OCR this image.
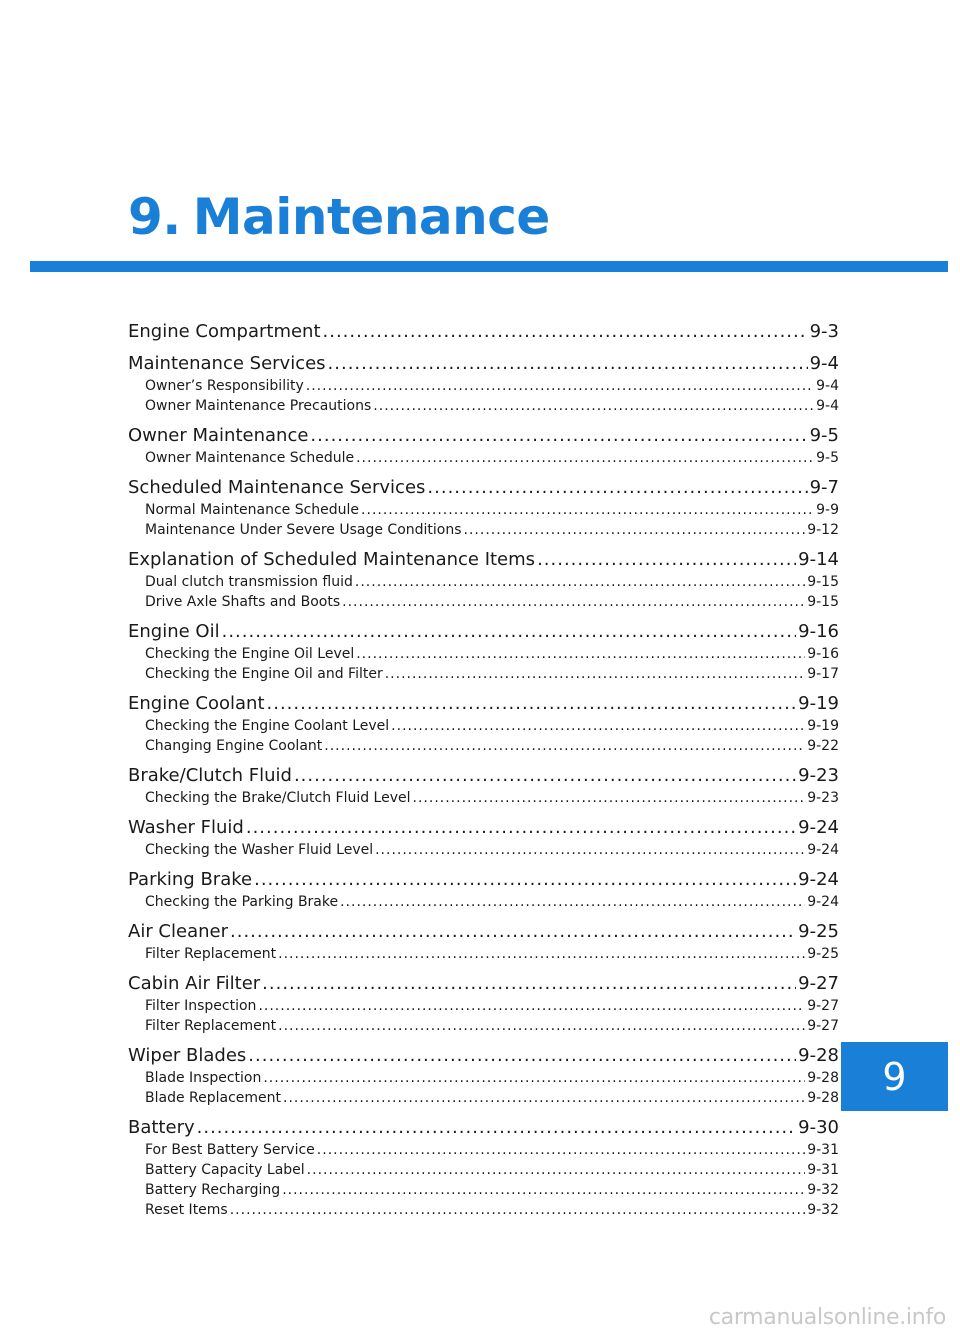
9. Maintenance
Engine Compartment .....	9-3
Maintenance Services .....	9-4
Owner’s Responsibility .....	9-4
Owner Maintenance Precautions .....	9-4
Owner Maintenance .....	9-5
Owner Maintenance Schedule .....	9-5
Scheduled Maintenance Services .....	9-7
Normal Maintenance Schedule .....	9-9
Maintenance Under Severe Usage Conditions .....	9-12
Explanation of Scheduled Maintenance Items .....	9-14
Dual clutch transmission fluid .....	9-15
Drive Axle Shafts and Boots .....	9-15
Engine Oil .....	9-16
Checking the Engine Oil Level .....	9-16
Checking the Engine Oil and Filter .....	9-17
Engine Coolant .....	9-19
Checking the Engine Coolant Level .....	9-19
Changing Engine Coolant .....	9-22
Brake/Clutch Fluid .....	9-23
Checking the Brake/Clutch Fluid Level .....	9-23
Washer Fluid .....	9-24
Checking the Washer Fluid Level .....	9-24
Parking Brake .....	9-24
Checking the Parking Brake .....	9-24
Air Cleaner .....	9-25
Filter Replacement .....	9-25
Cabin Air Filter .....	9-27
Filter Inspection .....	9-27
Filter Replacement .....	9-27
Wiper Blades .....	9-28
Blade Inspection .....	9-28
Blade Replacement .....	9-28
Battery .....	9-30
For Best Battery Service .....	9-31
Battery Capacity Label .....	9-31
Battery Recharging .....	9-32
Reset Items .....	9-32
9
carmanualsonline.info
